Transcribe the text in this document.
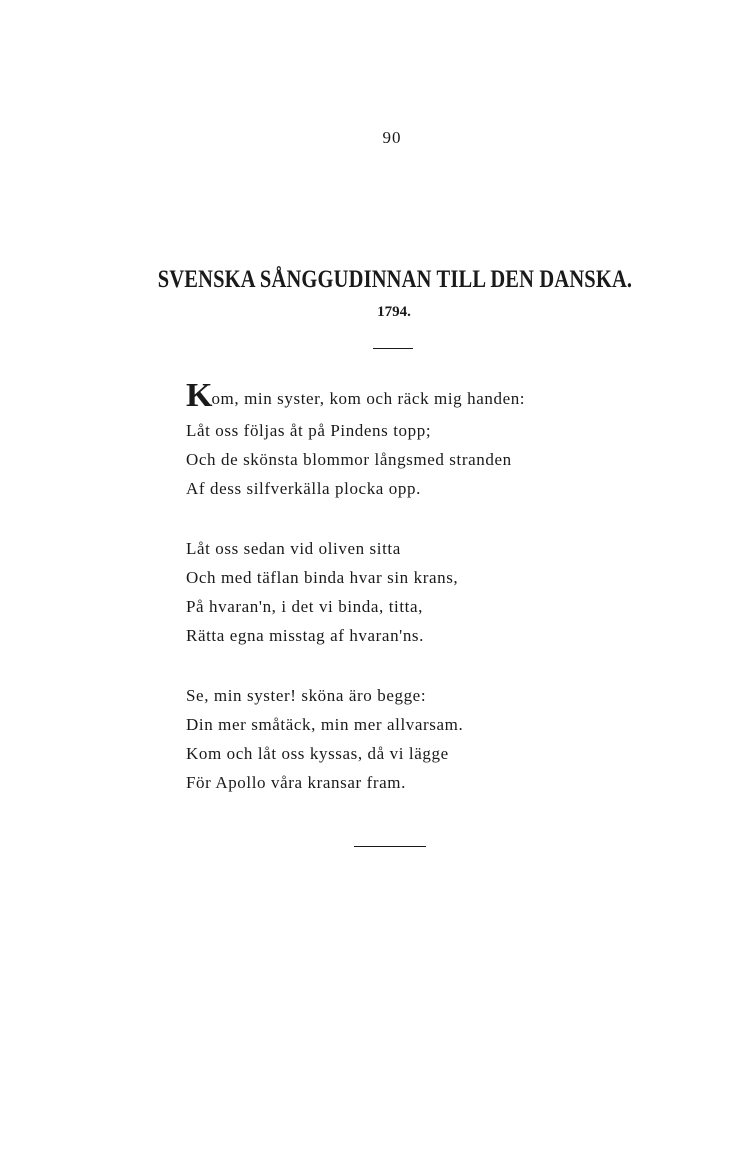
90
SVENSKA SÅNGGUDINNAN TILL DEN DANSKA.
1794.
Kom, min syster, kom och räck mig handen:
Låt oss följas åt på Pindens topp;
Och de skönsta blommor långsmed stranden
Af dess silfverkälla plocka opp.
Låt oss sedan vid oliven sitta
Och med täflan binda hvar sin krans,
På hvaran'n, i det vi binda, titta,
Rätta egna misstag af hvaran'ns.
Se, min syster! sköna äro begge:
Din mer småtäck, min mer allvarsam.
Kom och låt oss kyssas, då vi lägge
För Apollo våra kransar fram.
